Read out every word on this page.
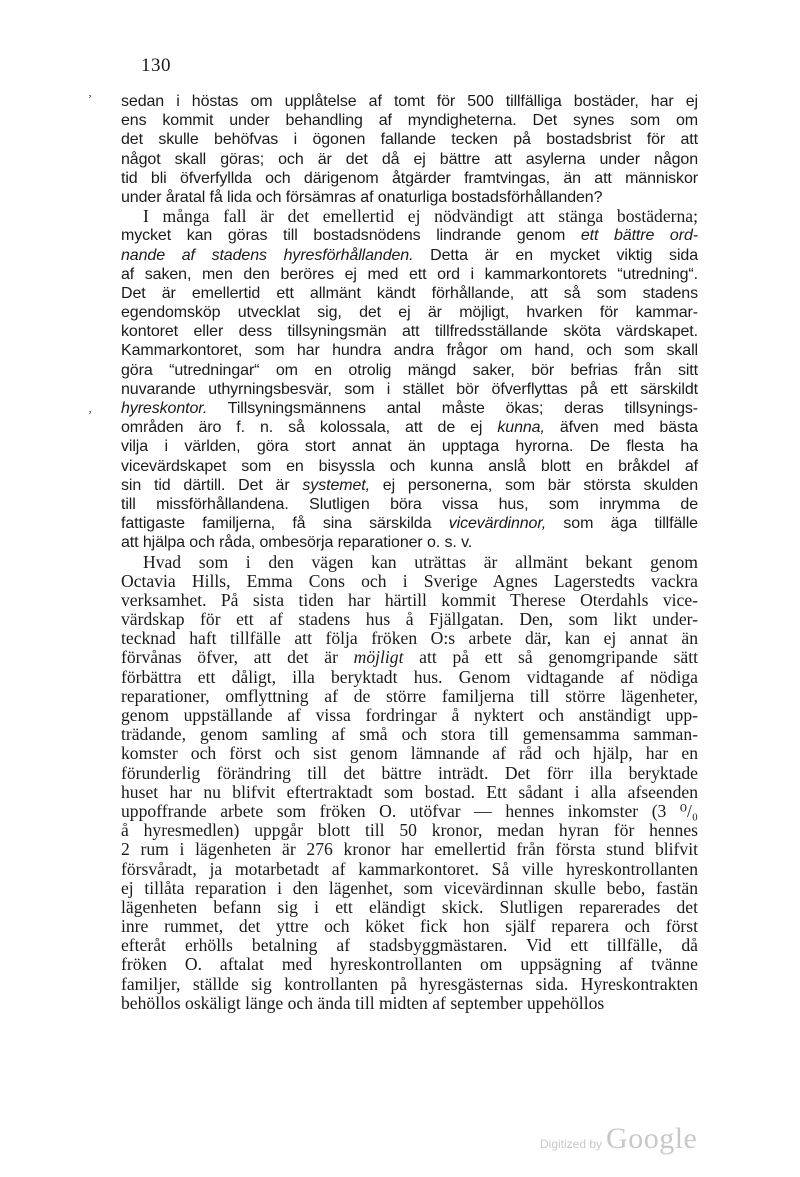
130
ʼ
ʼ
sedan i höstas om upplåtelse af tomt för 500 tillfälliga bostäder, har ej
ens kommit under behandling af myndigheterna. Det synes som om
det skulle behöfvas i ögonen fallande tecken på bostadsbrist för att
något skall göras; och är det då ej bättre att asylerna under någon
tid bli öfverfyllda och därigenom åtgärder framtvingas, än att människor
under åratal få lida och försämras af onaturliga bostadsförhållanden?
I många fall är det emellertid ej nödvändigt att stänga bostäderna;
mycket kan göras till bostadsnödens lindrande genom ett bättre ord-
nande af stadens hyresförhållanden. Detta är en mycket viktig sida
af saken, men den beröres ej med ett ord i kammarkontorets “utredning“.
Det är emellertid ett allmänt kändt förhållande, att så som stadens
egendomsköp utvecklat sig, det ej är möjligt, hvarken för kammar-
kontoret eller dess tillsyningsmän att tillfredsställande sköta värdskapet.
Kammarkontoret, som har hundra andra frågor om hand, och som skall
göra “utredningar“ om en otrolig mängd saker, bör befrias från sitt
nuvarande uthyrningsbesvär, som i stället bör öfverflyttas på ett särskildt
hyreskontor. Tillsyningsmännens antal måste ökas; deras tillsynings-
områden äro f. n. så kolossala, att de ej kunna, äfven med bästa
vilja i världen, göra stort annat än upptaga hyrorna. De flesta ha
vicevärdskapet som en bisyssla och kunna anslå blott en bråkdel af
sin tid därtill. Det är systemet, ej personerna, som bär största skulden
till missförhållandena. Slutligen böra vissa hus, som inrymma de
fattigaste familjerna, få sina särskilda vicevärdinnor, som äga tillfälle
att hjälpa och råda, ombesörja reparationer o. s. v.
Hvad som i den vägen kan uträttas är allmänt bekant genom
Octavia Hills, Emma Cons och i Sverige Agnes Lagerstedts vackra
verksamhet. På sista tiden har härtill kommit Therese Oterdahls vice-
värdskap för ett af stadens hus å Fjällgatan. Den, som likt under-
tecknad haft tillfälle att följa fröken O:s arbete där, kan ej annat än
förvånas öfver, att det är möjligt att på ett så genomgripande sätt
förbättra ett dåligt, illa beryktadt hus. Genom vidtagande af nödiga
reparationer, omflyttning af de större familjerna till större lägenheter,
genom uppställande af vissa fordringar å nyktert och anständigt upp-
trädande, genom samling af små och stora till gemensamma samman-
komster och först och sist genom lämnande af råd och hjälp, har en
förunderlig förändring till det bättre inträdt. Det förr illa beryktade
huset har nu blifvit eftertraktadt som bostad. Ett sådant i alla afseenden
uppoffrande arbete som fröken O. utöfvar — hennes inkomster (3 ⁰/₀
å hyresmedlen) uppgår blott till 50 kronor, medan hyran för hennes
2 rum i lägenheten är 276 kronor har emellertid från första stund blifvit
försvåradt, ja motarbetadt af kammarkontoret. Så ville hyreskontrollanten
ej tillåta reparation i den lägenhet, som vicevärdinnan skulle bebo, fastän
lägenheten befann sig i ett eländigt skick. Slutligen reparerades det
inre rummet, det yttre och köket fick hon själf reparera och först
efteråt erhölls betalning af stadsbyggmästaren. Vid ett tillfälle, då
fröken O. aftalat med hyreskontrollanten om uppsägning af tvänne
familjer, ställde sig kontrollanten på hyresgästernas sida. Hyreskontrakten
behöllos oskäligt länge och ända till midten af september uppehöllos
Digitized by Google
